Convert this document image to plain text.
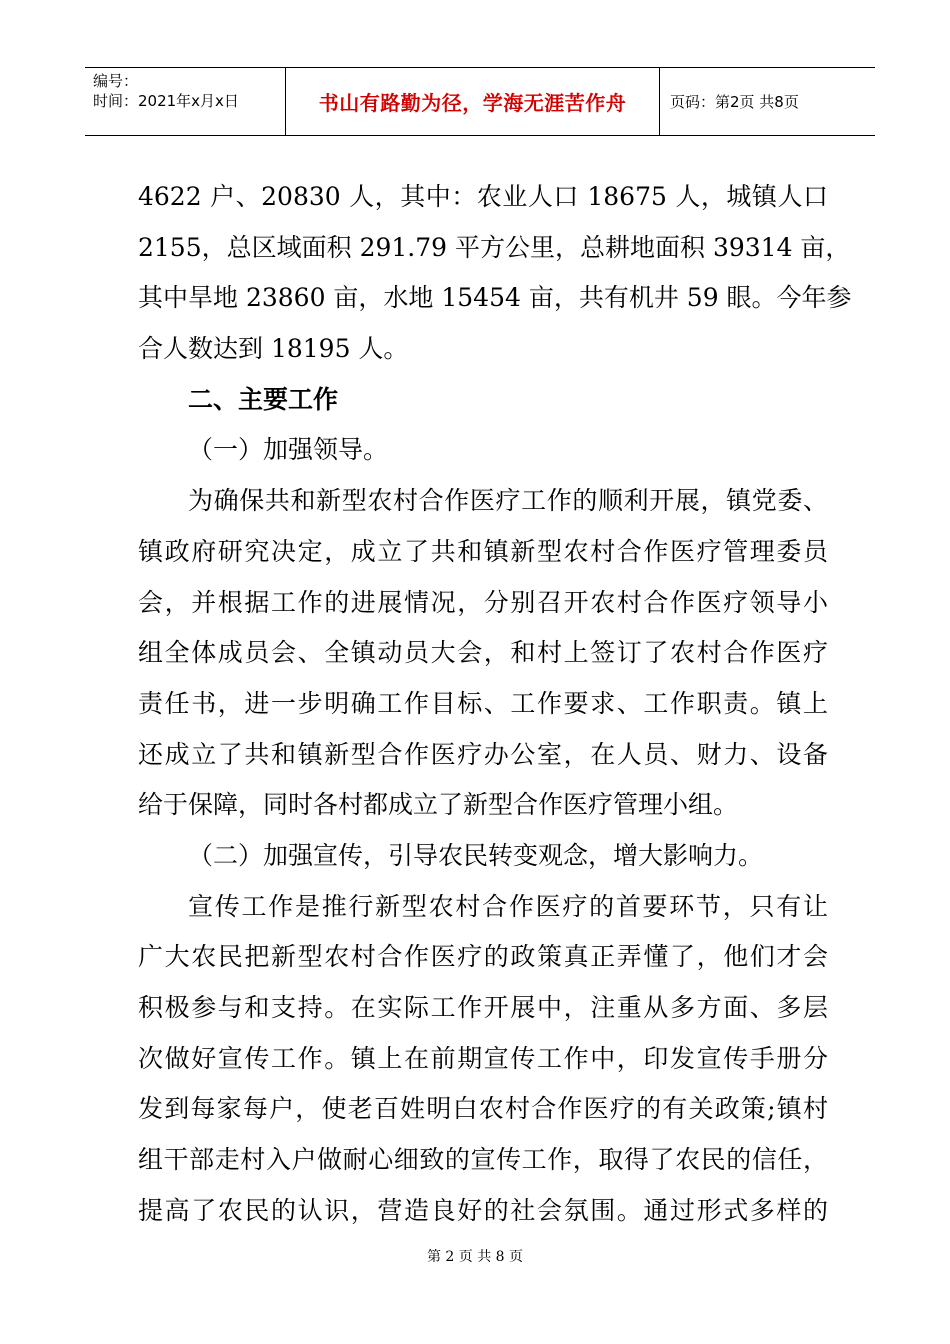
编号：
时间：2021年x月x日	书山有路勤为径，学海无涯苦作舟	页码：第2页 共8页
4622 户、20830 人，其中：农业人口 18675 人，城镇人口
2155，总区域面积 291.79 平方公里，总耕地面积 39314 亩，
其中旱地 23860 亩，水地 15454 亩，共有机井 59 眼。今年参
合人数达到 18195 人。
二、主要工作
（一）加强领导。
为确保共和新型农村合作医疗工作的顺利开展，镇党委、
镇政府研究决定，成立了共和镇新型农村合作医疗管理委员
会，并根据工作的进展情况，分别召开农村合作医疗领导小
组全体成员会、全镇动员大会，和村上签订了农村合作医疗
责任书，进一步明确工作目标、工作要求、工作职责。镇上
还成立了共和镇新型合作医疗办公室，在人员、财力、设备
给于保障，同时各村都成立了新型合作医疗管理小组。
（二）加强宣传，引导农民转变观念，增大影响力。
宣传工作是推行新型农村合作医疗的首要环节，只有让
广大农民把新型农村合作医疗的政策真正弄懂了，他们才会
积极参与和支持。在实际工作开展中，注重从多方面、多层
次做好宣传工作。镇上在前期宣传工作中，印发宣传手册分
发到每家每户，使老百姓明白农村合作医疗的有关政策;镇村
组干部走村入户做耐心细致的宣传工作，取得了农民的信任，
提高了农民的认识，营造良好的社会氛围。通过形式多样的
第 2 页 共 8 页
